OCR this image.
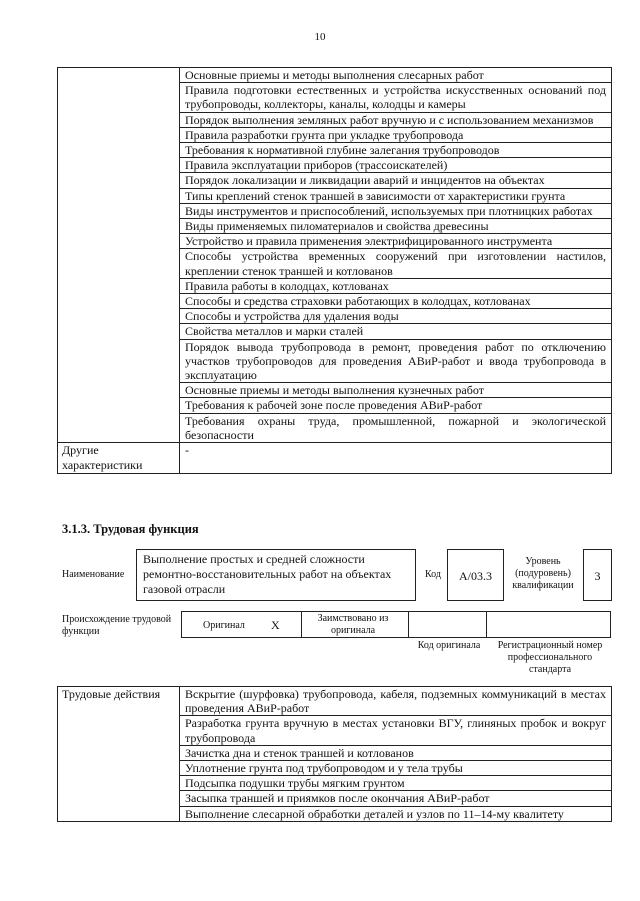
10
	Основные приемы и методы выполнения слесарных работ
	Правила подготовки естественных и устройства искусственных оснований под трубопроводы, коллекторы, каналы, колодцы и камеры
	Порядок выполнения земляных работ вручную и с использованием механизмов
	Правила разработки грунта при укладке трубопровода
	Требования к нормативной глубине залегания трубопроводов
	Правила эксплуатации приборов (трассоискателей)
	Порядок локализации и ликвидации аварий и инцидентов на объектах
	Типы креплений стенок траншей в зависимости от характеристики грунта
	Виды инструментов и приспособлений, используемых при плотницких работах
	Виды применяемых пиломатериалов и свойства древесины
	Устройство и правила применения электрифицированного инструмента
	Способы устройства временных сооружений при изготовлении настилов, креплении стенок траншей и котлованов
	Правила работы в колодцах, котлованах
	Способы и средства страховки работающих в колодцах, котлованах
	Способы и устройства для удаления воды
	Свойства металлов и марки сталей
	Порядок вывода трубопровода в ремонт, проведения работ по отключению участков трубопроводов для проведения АВиР-работ и ввода трубопровода в эксплуатацию
	Основные приемы и методы выполнения кузнечных работ
	Требования к рабочей зоне после проведения АВиР-работ
	Требования охраны труда, промышленной, пожарной и экологической безопасности
Другие характеристики	-
3.1.3. Трудовая функция
Наименование
Выполнение простых и средней сложности ремонтно-восстановительных работ на объектах газовой отрасли
Код	А/03.3
Уровень (подуровень) квалификации
3
Происхождение трудовой функции
Оригинал X	Заимствовано из оригинала
Код оригинала	Регистрационный номер профессионального стандарта
Трудовые действия	Вскрытие (шурфовка) трубопровода, кабеля, подземных коммуникаций в местах проведения АВиР-работ
Разработка грунта вручную в местах установки ВГУ, глиняных пробок и вокруг трубопровода
Зачистка дна и стенок траншей и котлованов
Уплотнение грунта под трубопроводом и у тела трубы
Подсыпка подушки трубы мягким грунтом
Засыпка траншей и приямков после окончания АВиР-работ
Выполнение слесарной обработки деталей и узлов по 11–14-му квалитету
